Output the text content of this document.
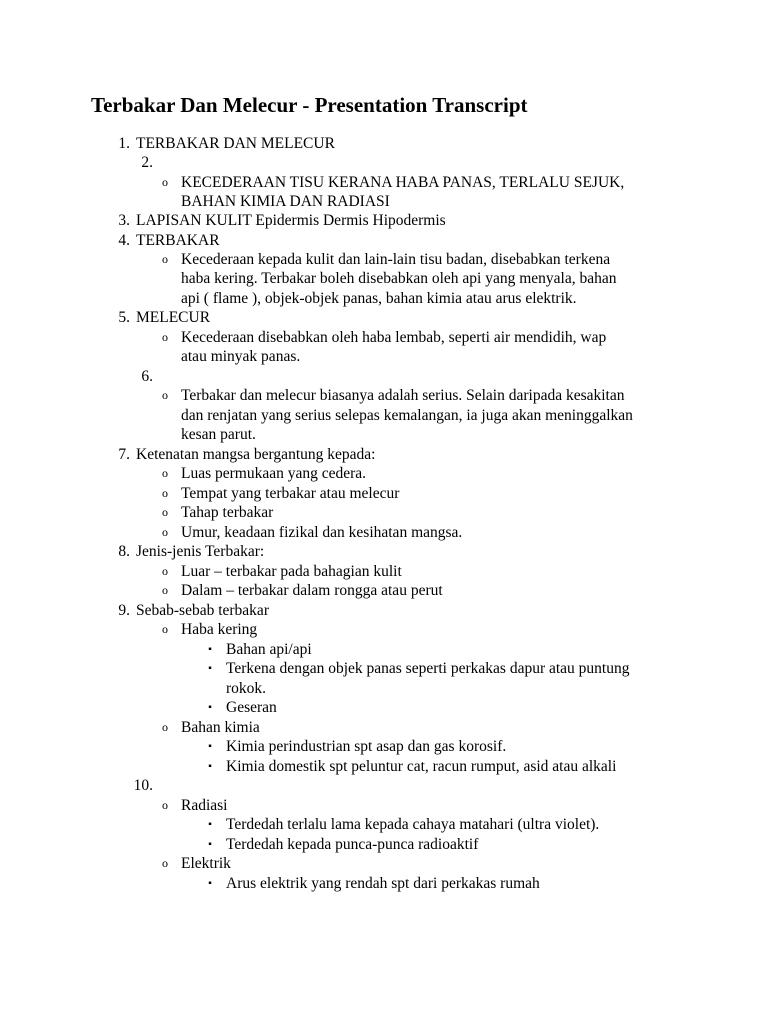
Terbakar Dan Melecur - Presentation Transcript
1. TERBAKAR DAN MELECUR
2.
o KECEDERAAN TISU KERANA HABA PANAS, TERLALU SEJUK,
BAHAN KIMIA DAN RADIASI
3. LAPISAN KULIT Epidermis Dermis Hipodermis
4. TERBAKAR
o Kecederaan kepada kulit dan lain-lain tisu badan, disebabkan terkena
haba kering. Terbakar boleh disebabkan oleh api yang menyala, bahan
api ( flame ), objek-objek panas, bahan kimia atau arus elektrik.
5. MELECUR
o Kecederaan disebabkan oleh haba lembab, seperti air mendidih, wap
atau minyak panas.
6.
o Terbakar dan melecur biasanya adalah serius. Selain daripada kesakitan
dan renjatan yang serius selepas kemalangan, ia juga akan meninggalkan
kesan parut.
7. Ketenatan mangsa bergantung kepada:
o Luas permukaan yang cedera.
o Tempat yang terbakar atau melecur
o Tahap terbakar
o Umur, keadaan fizikal dan kesihatan mangsa.
8. Jenis-jenis Terbakar:
o Luar – terbakar pada bahagian kulit
o Dalam – terbakar dalam rongga atau perut
9. Sebab-sebab terbakar
o Haba kering
▪ Bahan api/api
▪ Terkena dengan objek panas seperti perkakas dapur atau puntung
rokok.
▪ Geseran
o Bahan kimia
▪ Kimia perindustrian spt asap dan gas korosif.
▪ Kimia domestik spt peluntur cat, racun rumput, asid atau alkali
10.
o Radiasi
▪ Terdedah terlalu lama kepada cahaya matahari (ultra violet).
▪ Terdedah kepada punca-punca radioaktif
o Elektrik
▪ Arus elektrik yang rendah spt dari perkakas rumah
